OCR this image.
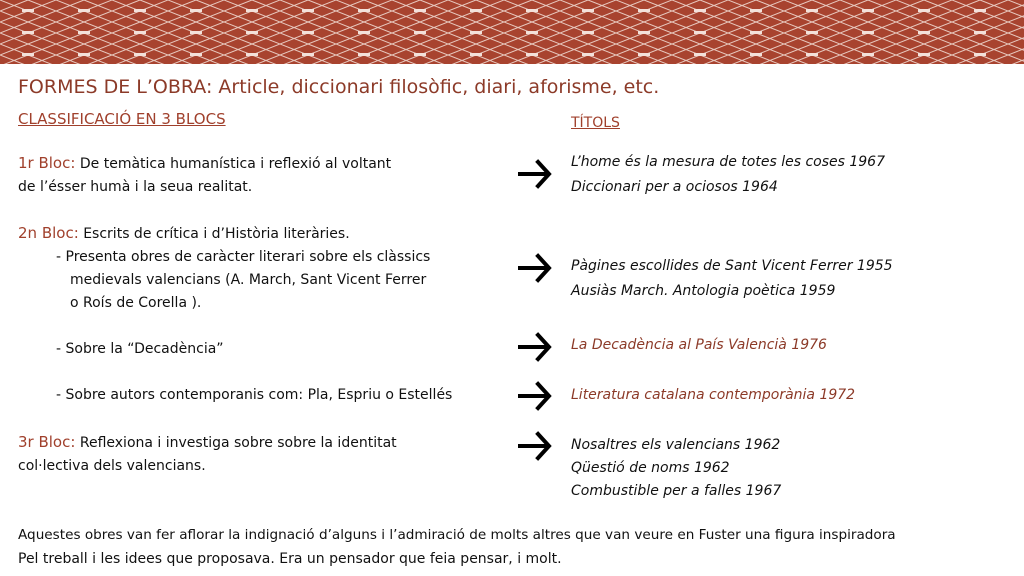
FORMES DE L’OBRA: Article, diccionari filosòfic, diari, aforisme, etc.
CLASSIFICACIÓ EN 3 BLOCS	TÍTOLS
1r Bloc: De temàtica humanística i reflexió al voltant
de l’ésser humà i la seua realitat.
2n Bloc: Escrits de crítica i d’Història literàries.
- Presenta obres de caràcter literari sobre els clàssics
medievals valencians (A. March, Sant Vicent Ferrer
o Roís de Corella ).
- Sobre la “Decadència”
- Sobre autors contemporanis com: Pla, Espriu o Estellés
3r Bloc: Reflexiona i investiga sobre sobre la identitat
col·lectiva dels valencians.
L’home és la mesura de totes les coses 1967
Diccionari per a ociosos 1964
Pàgines escollides de Sant Vicent Ferrer 1955
Ausiàs March. Antologia poètica 1959
La Decadència al País Valencià 1976
Literatura catalana contemporània 1972
Nosaltres els valencians 1962
Qüestió de noms 1962
Combustible per a falles 1967
Aquestes obres van fer aflorar la indignació d’alguns i l’admiració de molts altres que van veure en Fuster una figura inspiradora
Pel treball i les idees que proposava. Era un pensador que feia pensar, i molt.
